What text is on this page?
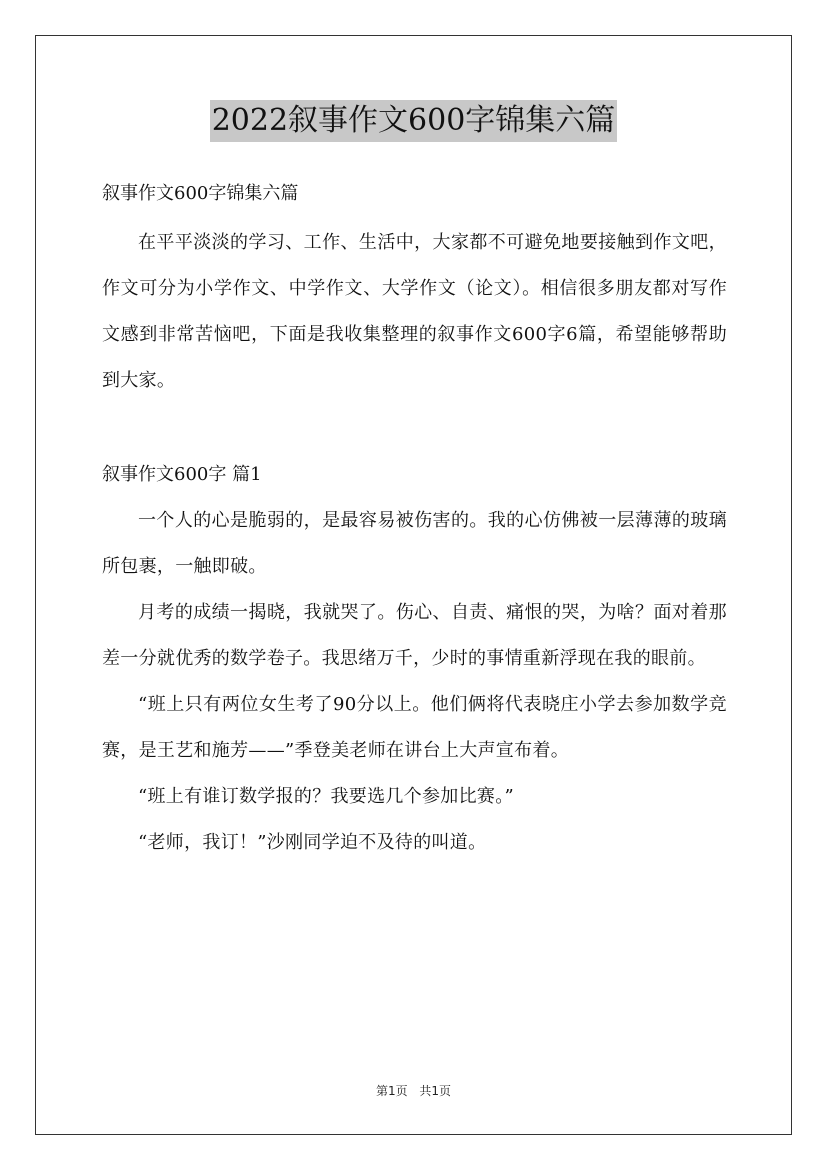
2022叙事作文600字锦集六篇

叙事作文600字锦集六篇

在平平淡淡的学习、工作、生活中，大家都不可避免地要接触到作文吧，作文可分为小学作文、中学作文、大学作文（论文）。相信很多朋友都对写作文感到非常苦恼吧，下面是我收集整理的叙事作文600字6篇，希望能够帮助到大家。

叙事作文600字 篇1

一个人的心是脆弱的，是最容易被伤害的。我的心仿佛被一层薄薄的玻璃所包裹，一触即破。

月考的成绩一揭晓，我就哭了。伤心、自责、痛恨的哭，为啥？面对着那差一分就优秀的数学卷子。我思绪万千，少时的事情重新浮现在我的眼前。

“班上只有两位女生考了90分以上。他们俩将代表晓庄小学去参加数学竞赛，是王艺和施芳——”季登美老师在讲台上大声宣布着。

“班上有谁订数学报的？我要选几个参加比赛。”

“老师，我订！”沙刚同学迫不及待的叫道。

第1页 共1页
